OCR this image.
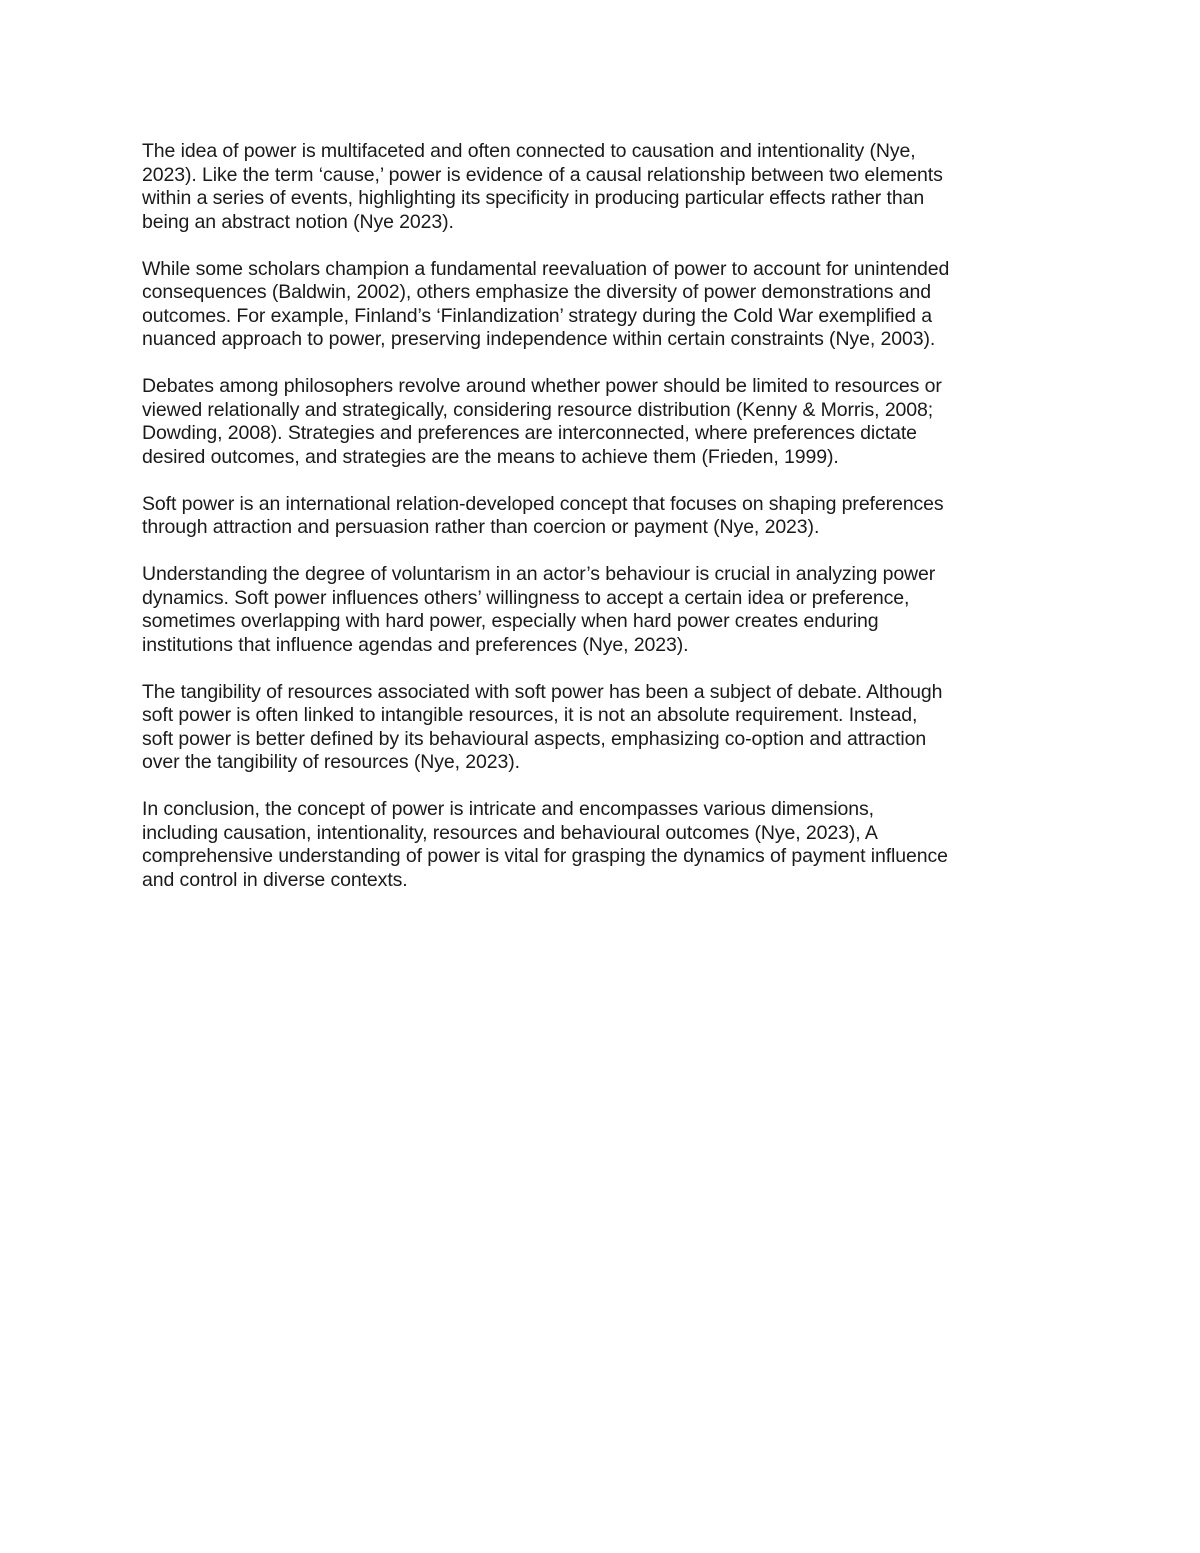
The idea of power is multifaceted and often connected to causation and intentionality (Nye,
2023). Like the term ‘cause,’ power is evidence of a causal relationship between two elements
within a series of events, highlighting its specificity in producing particular effects rather than
being an abstract notion (Nye 2023).

While some scholars champion a fundamental reevaluation of power to account for unintended
consequences (Baldwin, 2002), others emphasize the diversity of power demonstrations and
outcomes. For example, Finland’s ‘Finlandization’ strategy during the Cold War exemplified a
nuanced approach to power, preserving independence within certain constraints (Nye, 2003).

Debates among philosophers revolve around whether power should be limited to resources or
viewed relationally and strategically, considering resource distribution (Kenny & Morris, 2008;
Dowding, 2008). Strategies and preferences are interconnected, where preferences dictate
desired outcomes, and strategies are the means to achieve them (Frieden, 1999).

Soft power is an international relation-developed concept that focuses on shaping preferences
through attraction and persuasion rather than coercion or payment (Nye, 2023).

Understanding the degree of voluntarism in an actor’s behaviour is crucial in analyzing power
dynamics. Soft power influences others’ willingness to accept a certain idea or preference,
sometimes overlapping with hard power, especially when hard power creates enduring
institutions that influence agendas and preferences (Nye, 2023).

The tangibility of resources associated with soft power has been a subject of debate. Although
soft power is often linked to intangible resources, it is not an absolute requirement. Instead,
soft power is better defined by its behavioural aspects, emphasizing co-option and attraction
over the tangibility of resources (Nye, 2023).

In conclusion, the concept of power is intricate and encompasses various dimensions,
including causation, intentionality, resources and behavioural outcomes (Nye, 2023), A
comprehensive understanding of power is vital for grasping the dynamics of payment influence
and control in diverse contexts.
